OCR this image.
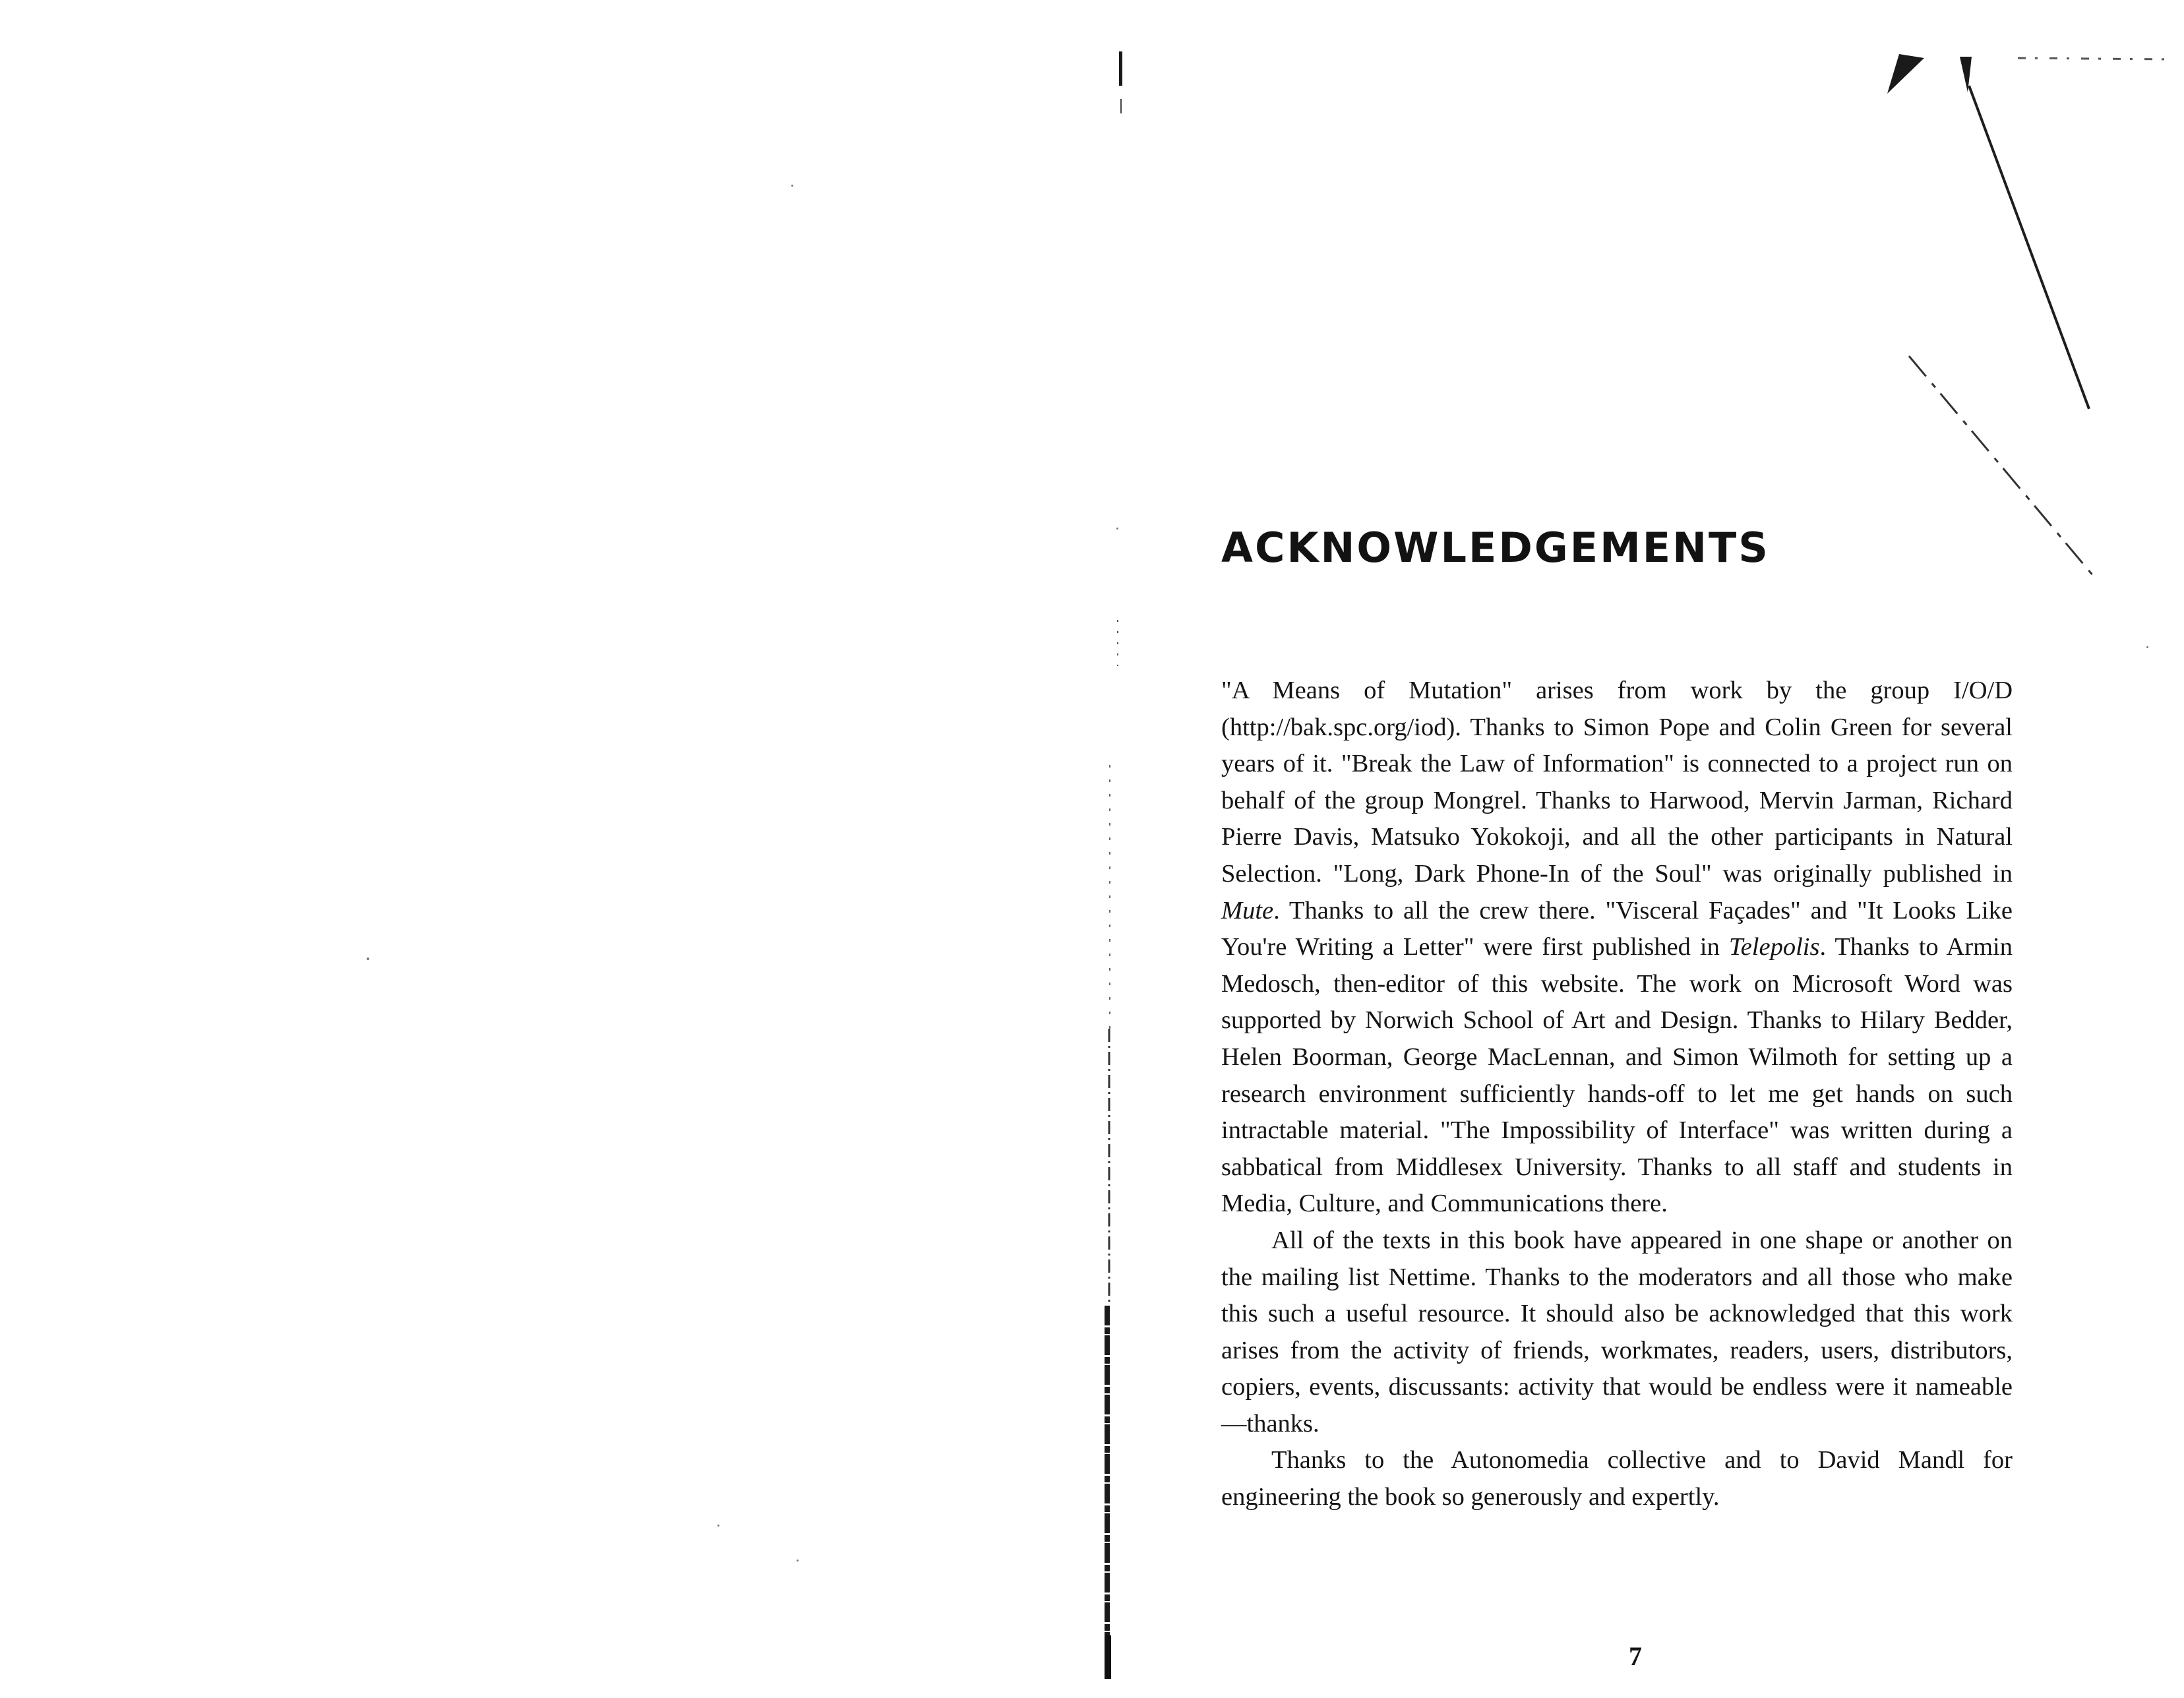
ACKNOWLEDGEMENTS

"A Means of Mutation" arises from work by the group I/O/D (http://bak.spc.org/iod). Thanks to Simon Pope and Colin Green for several years of it. "Break the Law of Information" is connected to a project run on behalf of the group Mongrel. Thanks to Harwood, Mervin Jarman, Richard Pierre Davis, Matsuko Yokokoji, and all the other participants in Natural Selection. "Long, Dark Phone-In of the Soul" was originally published in Mute. Thanks to all the crew there. "Visceral Façades" and "It Looks Like You're Writing a Letter" were first published in Telepolis. Thanks to Armin Medosch, then-editor of this website. The work on Microsoft Word was supported by Norwich School of Art and Design. Thanks to Hilary Bedder, Helen Boorman, George MacLennan, and Simon Wilmoth for setting up a research environment sufficiently hands-off to let me get hands on such intractable material. "The Impossibility of Interface" was written during a sabbatical from Middlesex University. Thanks to all staff and students in Media, Culture, and Communications there.

All of the texts in this book have appeared in one shape or another on the mailing list Nettime. Thanks to the moderators and all those who make this such a useful resource. It should also be acknowledged that this work arises from the activity of friends, workmates, readers, users, distributors, copiers, events, discussants: activity that would be endless were it nameable—thanks.

Thanks to the Autonomedia collective and to David Mandl for engineering the book so generously and expertly.

7
